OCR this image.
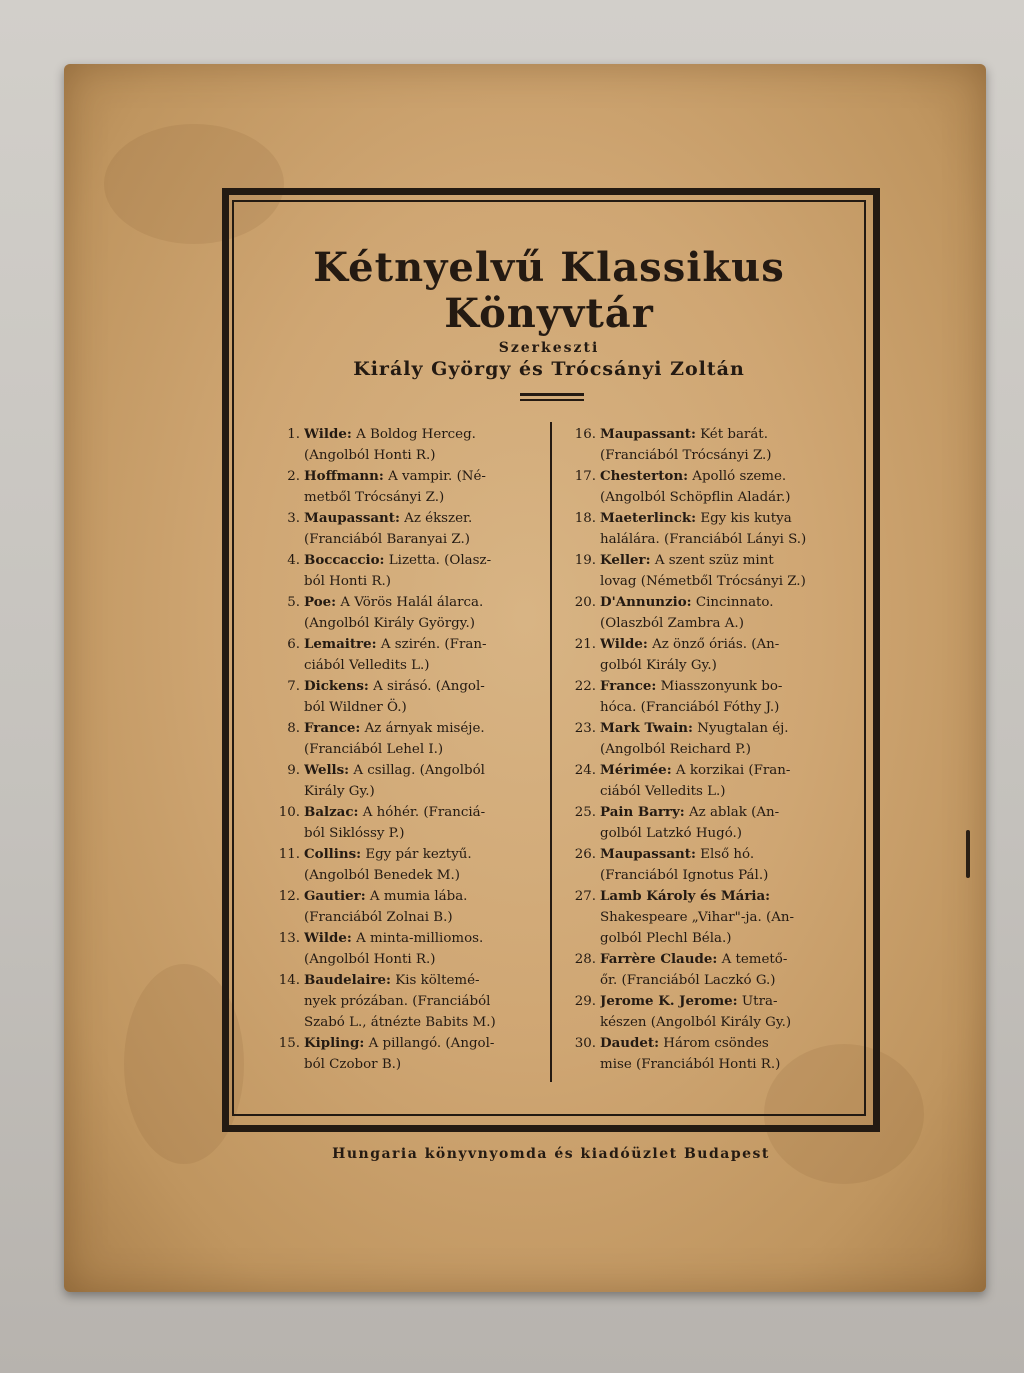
Kétnyelvű Klassikus
Könyvtár
Szerkeszti
Király György és Trócsányi Zoltán
1. Wilde: A Boldog Herceg.
(Angolból Honti R.)
2. Hoffmann: A vampir. (Né-
metből Trócsányi Z.)
3. Maupassant: Az ékszer.
(Franciából Baranyai Z.)
4. Boccaccio: Lizetta. (Olasz-
ból Honti R.)
5. Poe: A Vörös Halál álarca.
(Angolból Király György.)
6. Lemaitre: A szirén. (Fran-
ciából Velledits L.)
7. Dickens: A sirásó. (Angol-
ból Wildner Ö.)
8. France: Az árnyak miséje.
(Franciából Lehel I.)
9. Wells: A csillag. (Angolból
Király Gy.)
10. Balzac: A hóhér. (Franciá-
ból Siklóssy P.)
11. Collins: Egy pár keztyű.
(Angolból Benedek M.)
12. Gautier: A mumia lába.
(Franciából Zolnai B.)
13. Wilde: A minta-milliomos.
(Angolból Honti R.)
14. Baudelaire: Kis költemé-
nyek prózában. (Franciából
Szabó L., átnézte Babits M.)
15. Kipling: A pillangó. (Angol-
ból Czobor B.)
16. Maupassant: Két barát.
(Franciából Trócsányi Z.)
17. Chesterton: Apolló szeme.
(Angolból Schöpflin Aladár.)
18. Maeterlinck: Egy kis kutya
halálára. (Franciából Lányi S.)
19. Keller: A szent szüz mint
lovag (Németből Trócsányi Z.)
20. D'Annunzio: Cincinnato.
(Olaszból Zambra A.)
21. Wilde: Az önző óriás. (An-
golból Király Gy.)
22. France: Miasszonyunk bo-
hóca. (Franciából Fóthy J.)
23. Mark Twain: Nyugtalan éj.
(Angolból Reichard P.)
24. Mérimée: A korzikai (Fran-
ciából Velledits L.)
25. Pain Barry: Az ablak (An-
golból Latzkó Hugó.)
26. Maupassant: Első hó.
(Franciából Ignotus Pál.)
27. Lamb Károly és Mária:
Shakespeare „Vihar"-ja. (An-
golból Plechl Béla.)
28. Farrère Claude: A temető-
őr. (Franciából Laczkó G.)
29. Jerome K. Jerome: Utra-
készen (Angolból Király Gy.)
30. Daudet: Három csöndes
mise (Franciából Honti R.)
Hungaria könyvnyomda és kiadóüzlet Budapest
